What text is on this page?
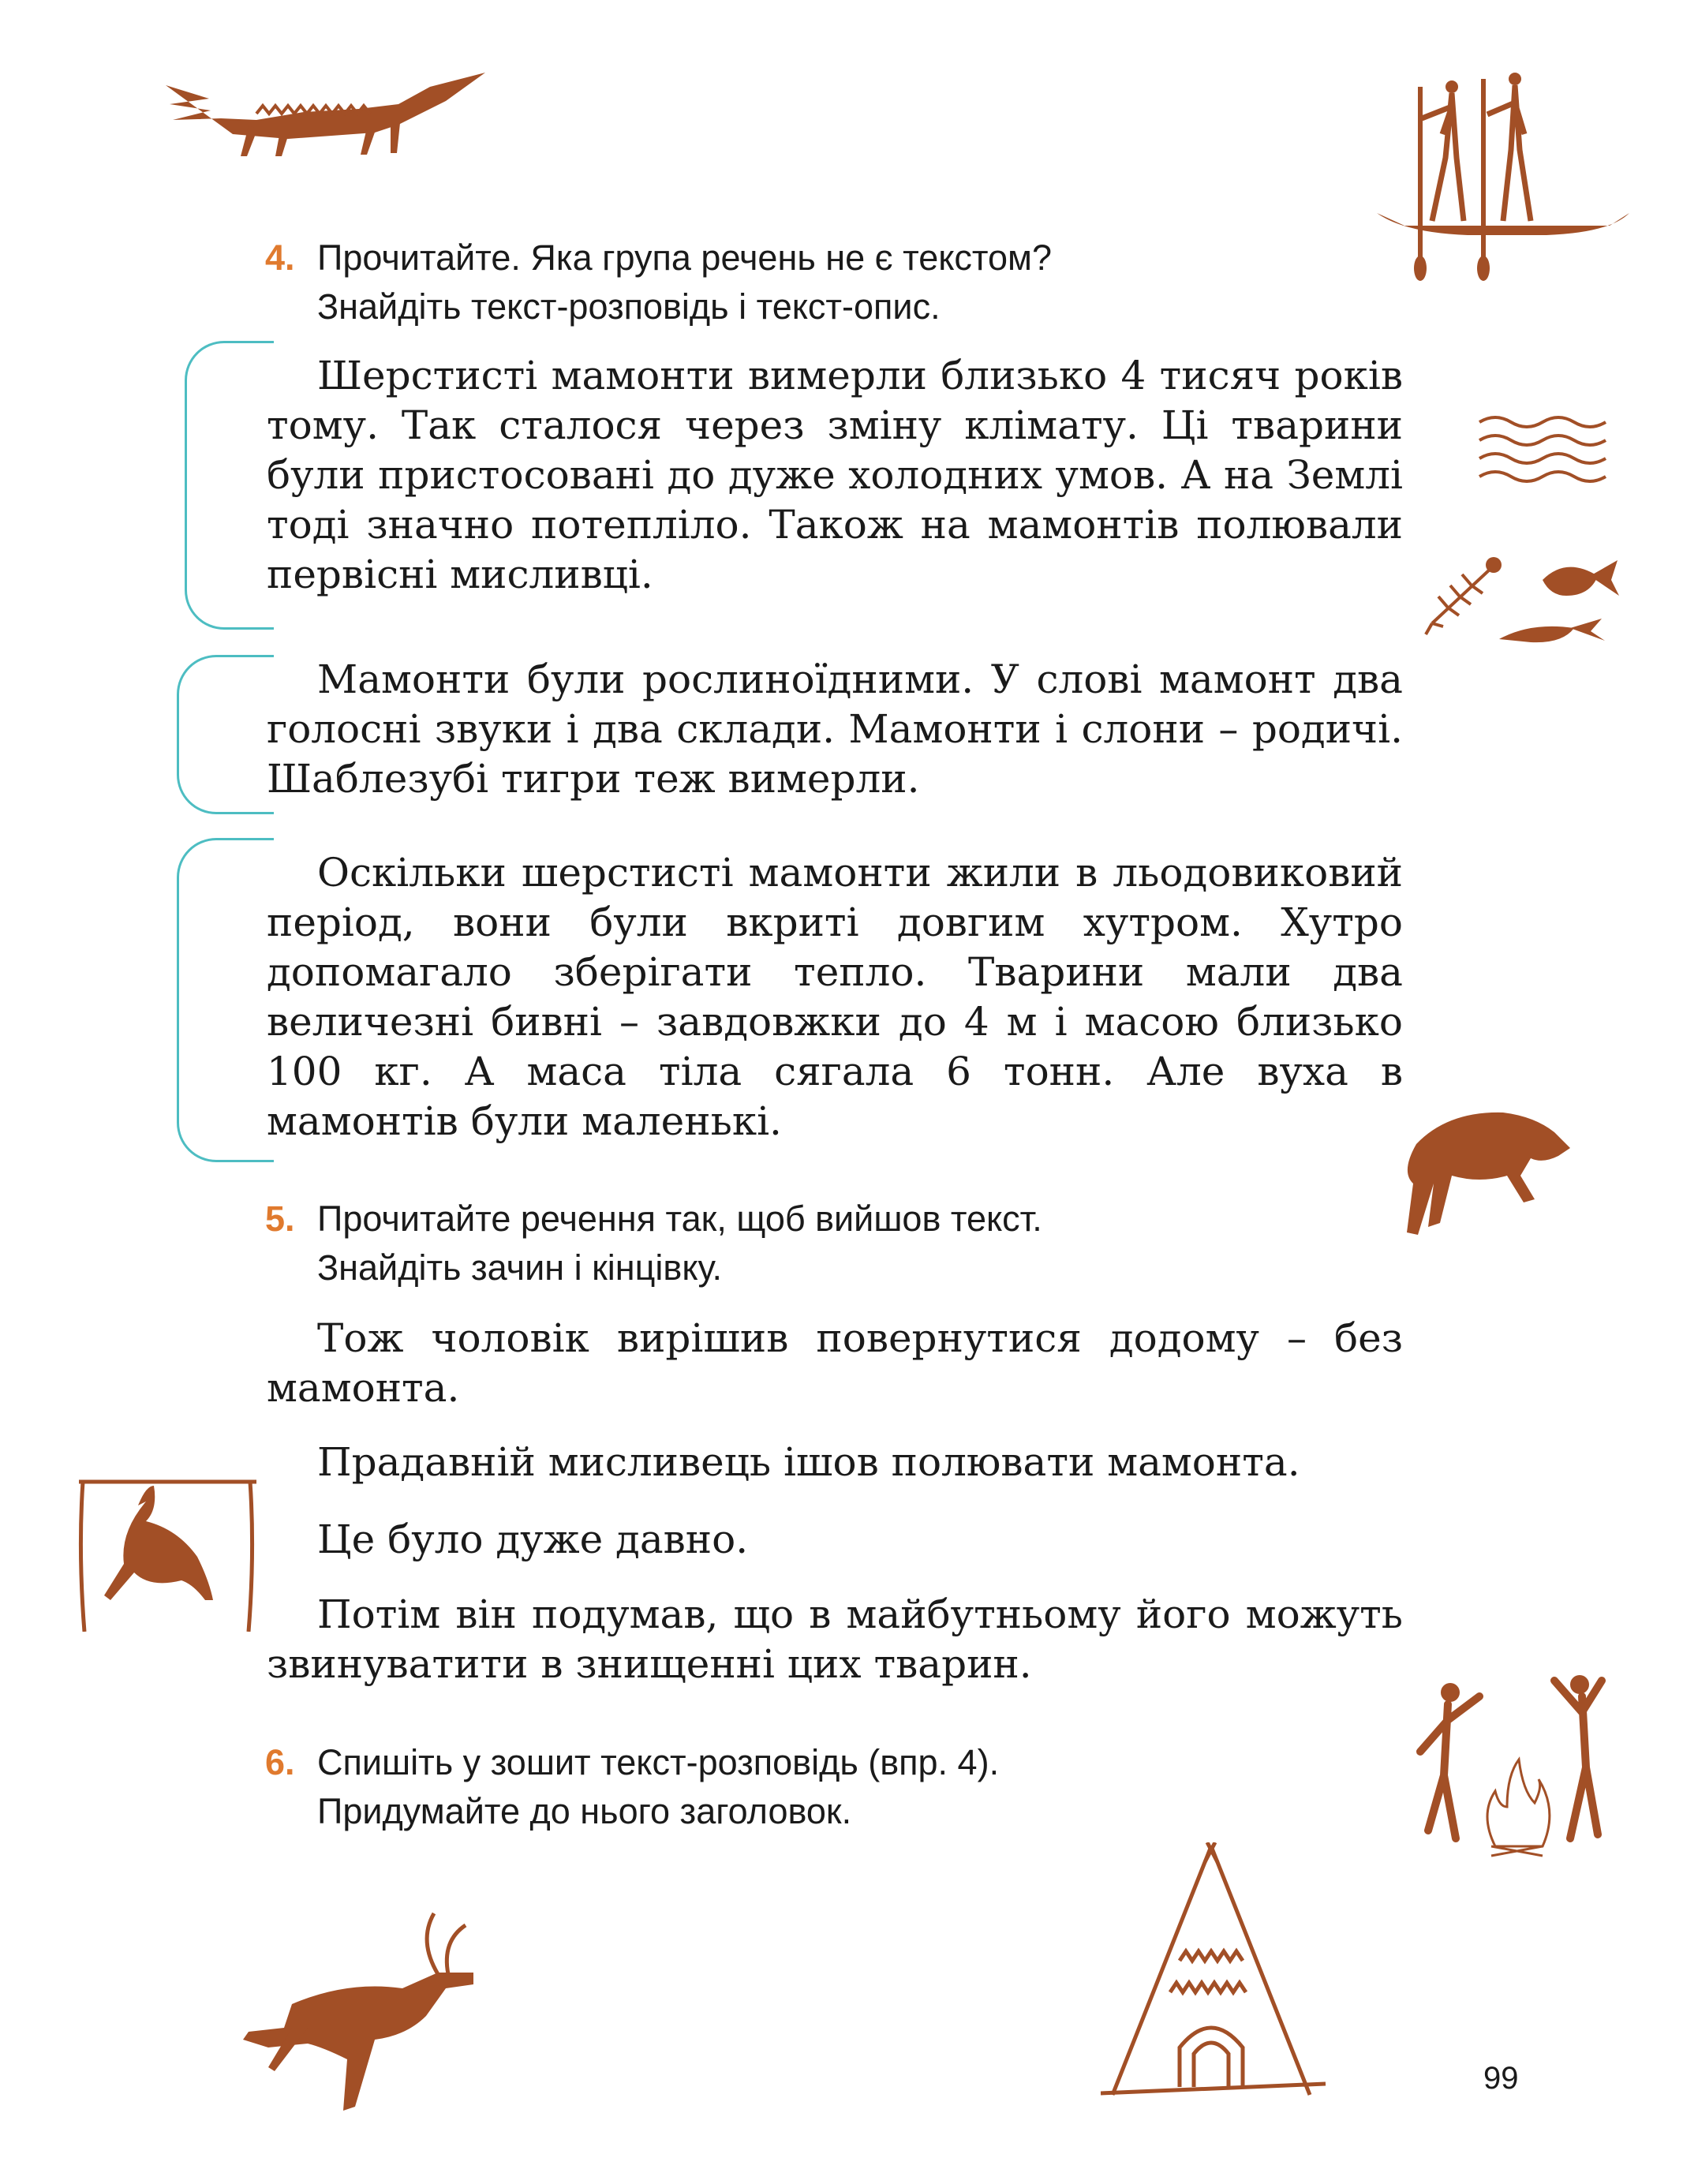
4. Прочитайте. Яка група речень не є текстом?
Знайдіть текст-розповідь і текст-опис.

Шерстисті мамонти вимерли близько 4 тисяч років тому. Так сталося через зміну клімату. Ці тварини були пристосовані до дуже холодних умов. А на Землі тоді значно потепліло. Також на мамонтів полювали первісні мисливці.

Мамонти були рослиноїдними. У слові мамонт два голосні звуки і два склади. Мамонти і слони – родичі. Шаблезубі тигри теж вимерли.

Оскільки шерстисті мамонти жили в льодовиковий період, вони були вкриті довгим хутром. Хутро допомагало зберігати тепло. Тварини мали два величезні бивні – завдовжки до 4 м і масою близько 100 кг. А маса тіла сягала 6 тонн. Але вуха в мамонтів були маленькі.

5. Прочитайте речення так, щоб вийшов текст.
Знайдіть зачин і кінцівку.

Тож чоловік вирішив повернутися додому – без мамонта.

Прадавній мисливець ішов полювати мамонта.

Це було дуже давно.

Потім він подумав, що в майбутньому його можуть звинуватити в знищенні цих тварин.

6. Спишіть у зошит текст-розповідь (впр. 4).
Придумайте до нього заголовок.
99
